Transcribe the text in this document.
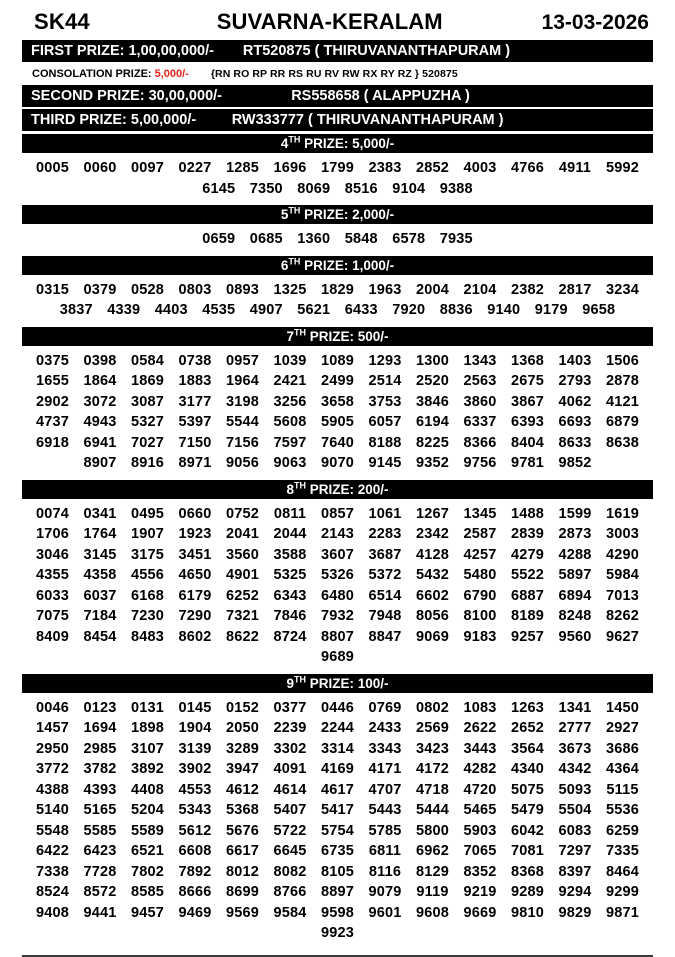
SK44	SUVARNA-KERALAM	13-03-2026
FIRST PRIZE: 1,00,00,000/-	RT520875 ( THIRUVANANTHAPURAM )
CONSOLATION PRIZE: 5,000/- {RN RO RP RR RS RU RV RW RX RY RZ } 520875
SECOND PRIZE: 30,00,000/-	RS558658 ( ALAPPUZHA )
THIRD PRIZE: 5,00,000/-	RW333777 ( THIRUVANANTHAPURAM )
4TH PRIZE: 5,000/-
0005 0060 0097 0227 1285 1696 1799 2383 2852 4003 4766	4911	5992
6145 7350 8069 8516 9104 9388
5TH PRIZE: 2,000/-
0659 0685 1360 5848 6578 7935
6TH PRIZE: 1,000/-
0315 0379 0528 0803 0893 1325 1829 1963 2004 2104 2382 2817 3234
3837 4339 4403 4535 4907 5621 6433 7920 8836 9140 9179 9658
7TH PRIZE: 500/-
0375 0398 0584 0738 0957 1039 1089 1293 1300 1343 1368 1403 1506
1655 1864 1869 1883 1964 2421 2499 2514 2520 2563 2675 2793 2878
2902 3072 3087 3177 3198 3256 3658 3753 3846 3860 3867 4062 4121
4737 4943 5327 5397 5544 5608 5905 6057 6194 6337 6393 6693 6879
6918 6941 7027 7150 7156 7597 7640 8188 8225 8366 8404 8633 8638
8907 8916 8971 9056 9063 9070 9145 9352 9756 9781 9852
8TH PRIZE: 200/-
0074 0341 0495 0660 0752	0811	0857 1061 1267 1345 1488 1599 1619
1706 1764 1907 1923 2041 2044 2143 2283 2342 2587 2839 2873 3003
3046 3145 3175 3451 3560 3588 3607 3687 4128 4257 4279 4288 4290
4355 4358 4556 4650 4901 5325 5326 5372 5432 5480 5522 5897 5984
6033 6037 6168 6179 6252 6343 6480 6514 6602 6790 6887 6894 7013
7075 7184 7230 7290 7321 7846 7932 7948 8056 8100 8189 8248 8262
8409 8454 8483 8602 8622 8724 8807 8847 9069 9183 9257 9560 9627
9689
9TH PRIZE: 100/-
0046 0123 0131 0145 0152 0377 0446 0769 0802 1083 1263 1341 1450
1457 1694 1898 1904 2050 2239 2244 2433 2569 2622 2652 2777 2927
2950 2985 3107 3139 3289 3302 3314 3343 3423 3443 3564 3673 3686
3772 3782 3892 3902 3947 4091 4169 4171 4172 4282 4340 4342 4364
4388 4393 4408 4553 4612 4614 4617 4707 4718 4720 5075 5093	5115
5140 5165 5204 5343 5368 5407 5417 5443 5444 5465 5479 5504 5536
5548 5585 5589 5612 5676 5722 5754 5785 5800 5903 6042 6083 6259
6422 6423 6521 6608 6617 6645 6735	6811	6962 7065 7081 7297 7335
7338 7728 7802 7892 8012 8082 8105	8116	8129 8352 8368 8397 8464
8524 8572 8585 8666 8699 8766 8897 9079	9119	9219 9289 9294 9299
9408 9441 9457 9469 9569 9584 9598 9601 9608 9669 9810 9829 9871
9923
